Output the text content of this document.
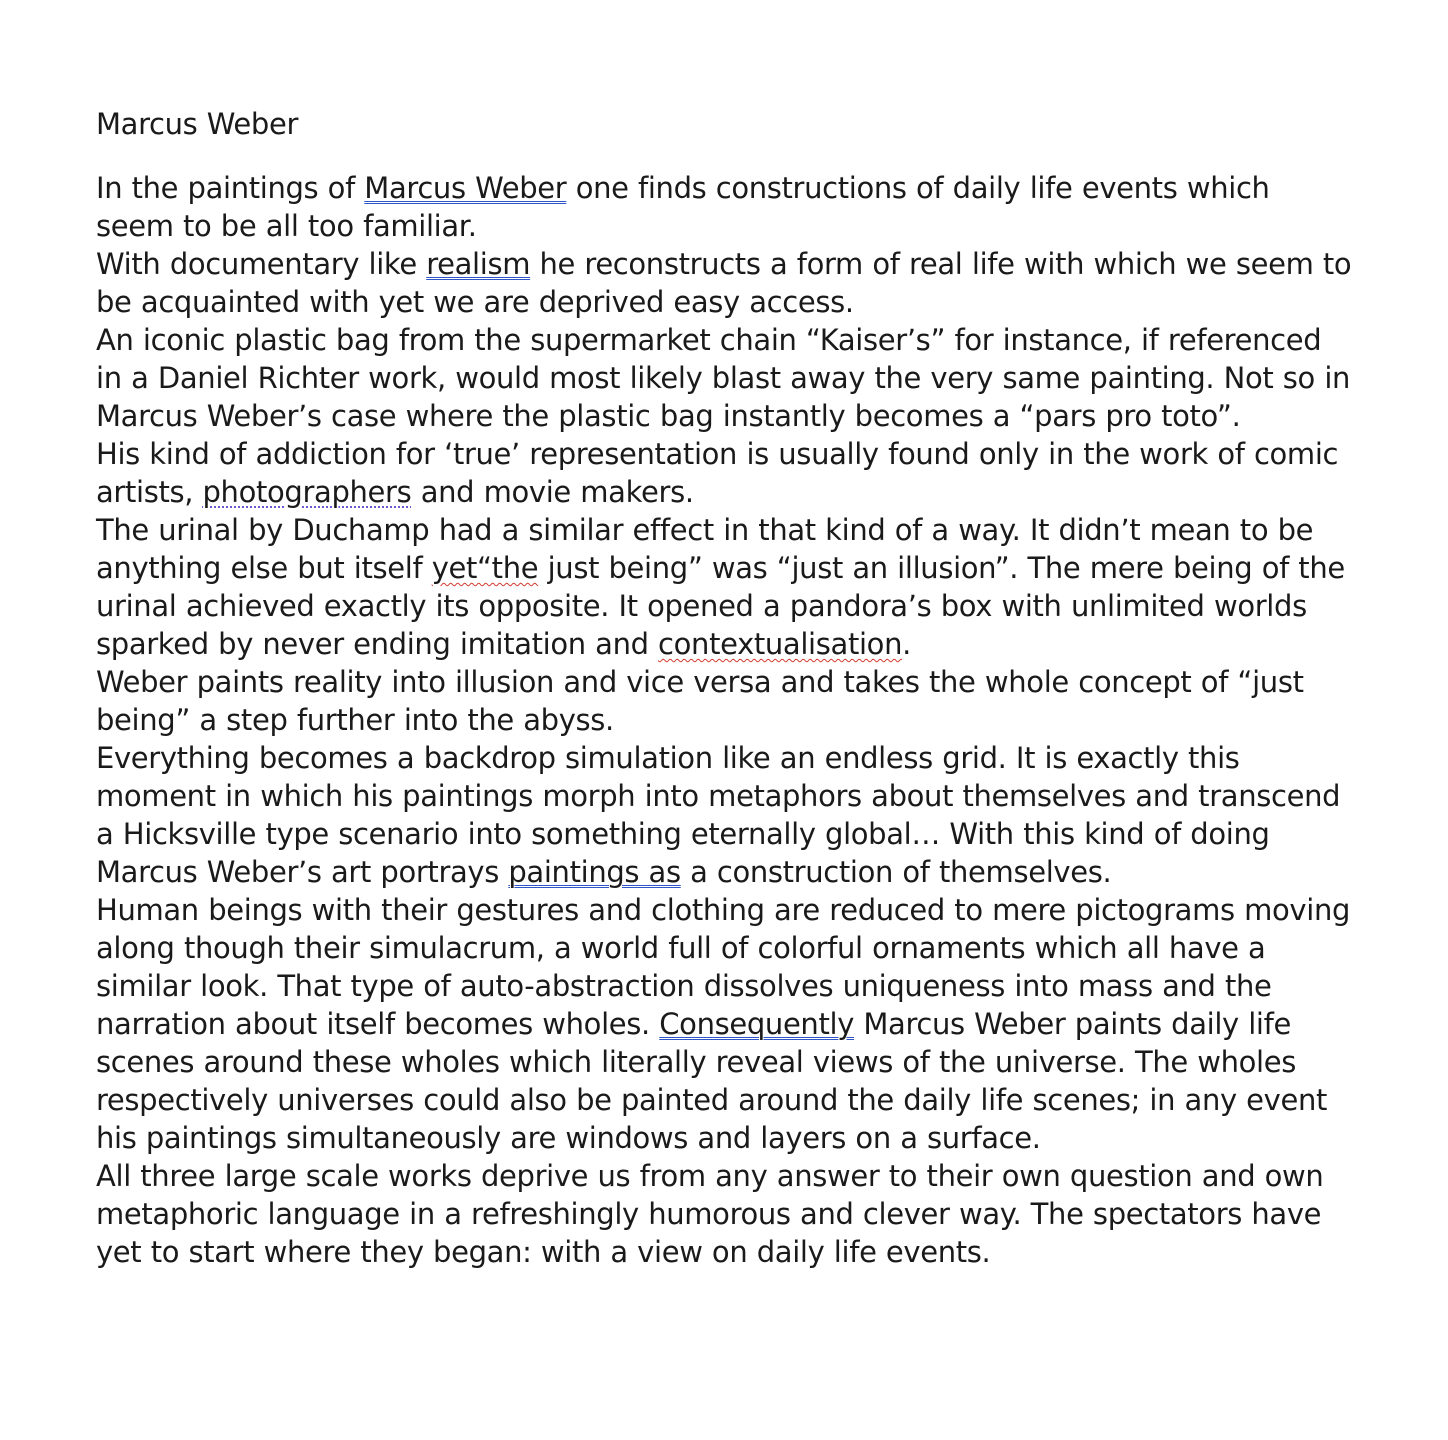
Marcus Weber

In the paintings of Marcus Weber one finds constructions of daily life events which seem to be all too familiar.

With documentary like realism he reconstructs a form of real life with which we seem to be acquainted with yet we are deprived easy access.

An iconic plastic bag from the supermarket chain “Kaiser’s” for instance, if referenced in a Daniel Richter work, would most likely blast away the very same painting. Not so in Marcus Weber’s case where the plastic bag instantly becomes a “pars pro toto”.

His kind of addiction for ‘true’ representation is usually found only in the work of comic artists, photographers and movie makers.

The urinal by Duchamp had a similar effect in that kind of a way. It didn’t mean to be anything else but itself yet“the just being” was “just an illusion”. The mere being of the urinal achieved exactly its opposite. It opened a pandora’s box with unlimited worlds sparked by never ending imitation and contextualisation.

Weber paints reality into illusion and vice versa and takes the whole concept of “just being” a step further into the abyss.

Everything becomes a backdrop simulation like an endless grid. It is exactly this moment in which his paintings morph into metaphors about themselves and transcend a Hicksville type scenario into something eternally global… With this kind of doing Marcus Weber’s art portrays paintings as a construction of themselves.

Human beings with their gestures and clothing are reduced to mere pictograms moving along though their simulacrum, a world full of colorful ornaments which all have a similar look. That type of auto-abstraction dissolves uniqueness into mass and the narration about itself becomes wholes. Consequently Marcus Weber paints daily life scenes around these wholes which literally reveal views of the universe. The wholes respectively universes could also be painted around the daily life scenes; in any event his paintings simultaneously are windows and layers on a surface.

All three large scale works deprive us from any answer to their own question and own metaphoric language in a refreshingly humorous and clever way. The spectators have yet to start where they began: with a view on daily life events.
